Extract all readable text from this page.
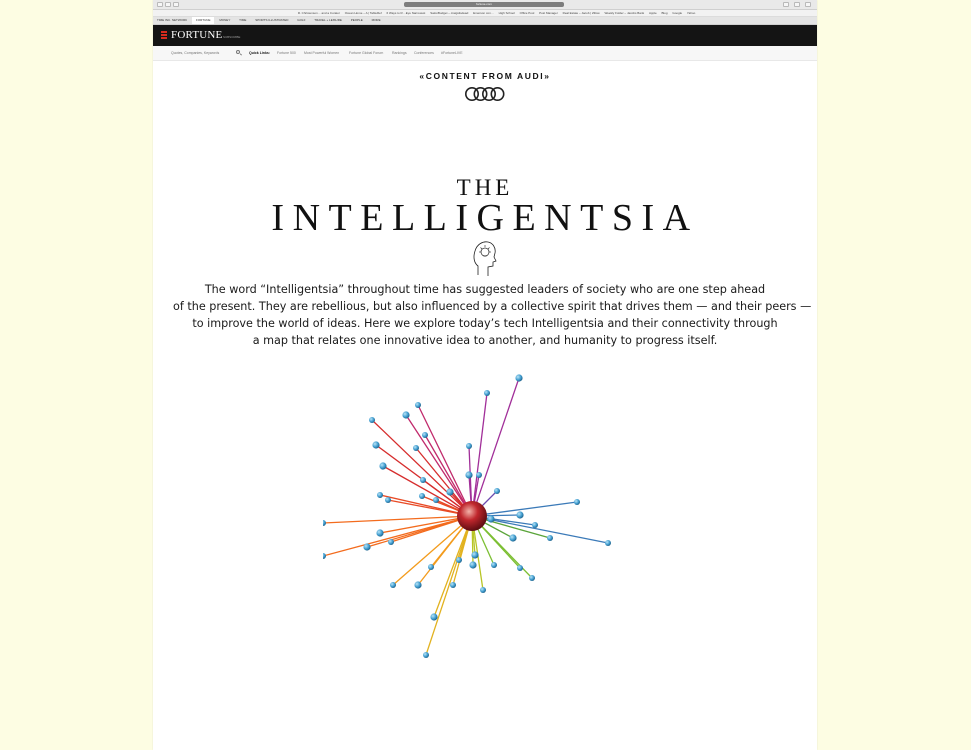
fortune.com
R. Christenson… and a Curator Ocean Home – A | TableRef 6 Ways to R…Eye Narrowest SalonBudget – craigslisdead Emerson con… High School Office Pool Post Manager Real Estate – Jacob | Zillow Weekly Folder – Jacobs Bank Apple Blog Google Yahoo
TIME INC. NETWORK	FORTUNE	MONEY	TIME	SPORTS ILLUSTRATED	GOLF	TRAVEL + LEISURE	PEOPLE	MORE
FORTUNE SUBSCRIBE
Quotes, Companies, Keywords
Quick Links: Fortune 500 Most Powerful Women	Fortune Global Forum	Rankings Conferences #FortuneLIVE
«CONTENT FROM AUDI»
THE
INTELLIGENTSIA
The word “Intelligentsia” throughout time has suggested leaders of society who are one step ahead
of the present. They are rebellious, but also influenced by a collective spirit that drives them — and their peers —
to improve the world of ideas. Here we explore today’s tech Intelligentsia and their connectivity through
a map that relates one innovative idea to another, and humanity to progress itself.
